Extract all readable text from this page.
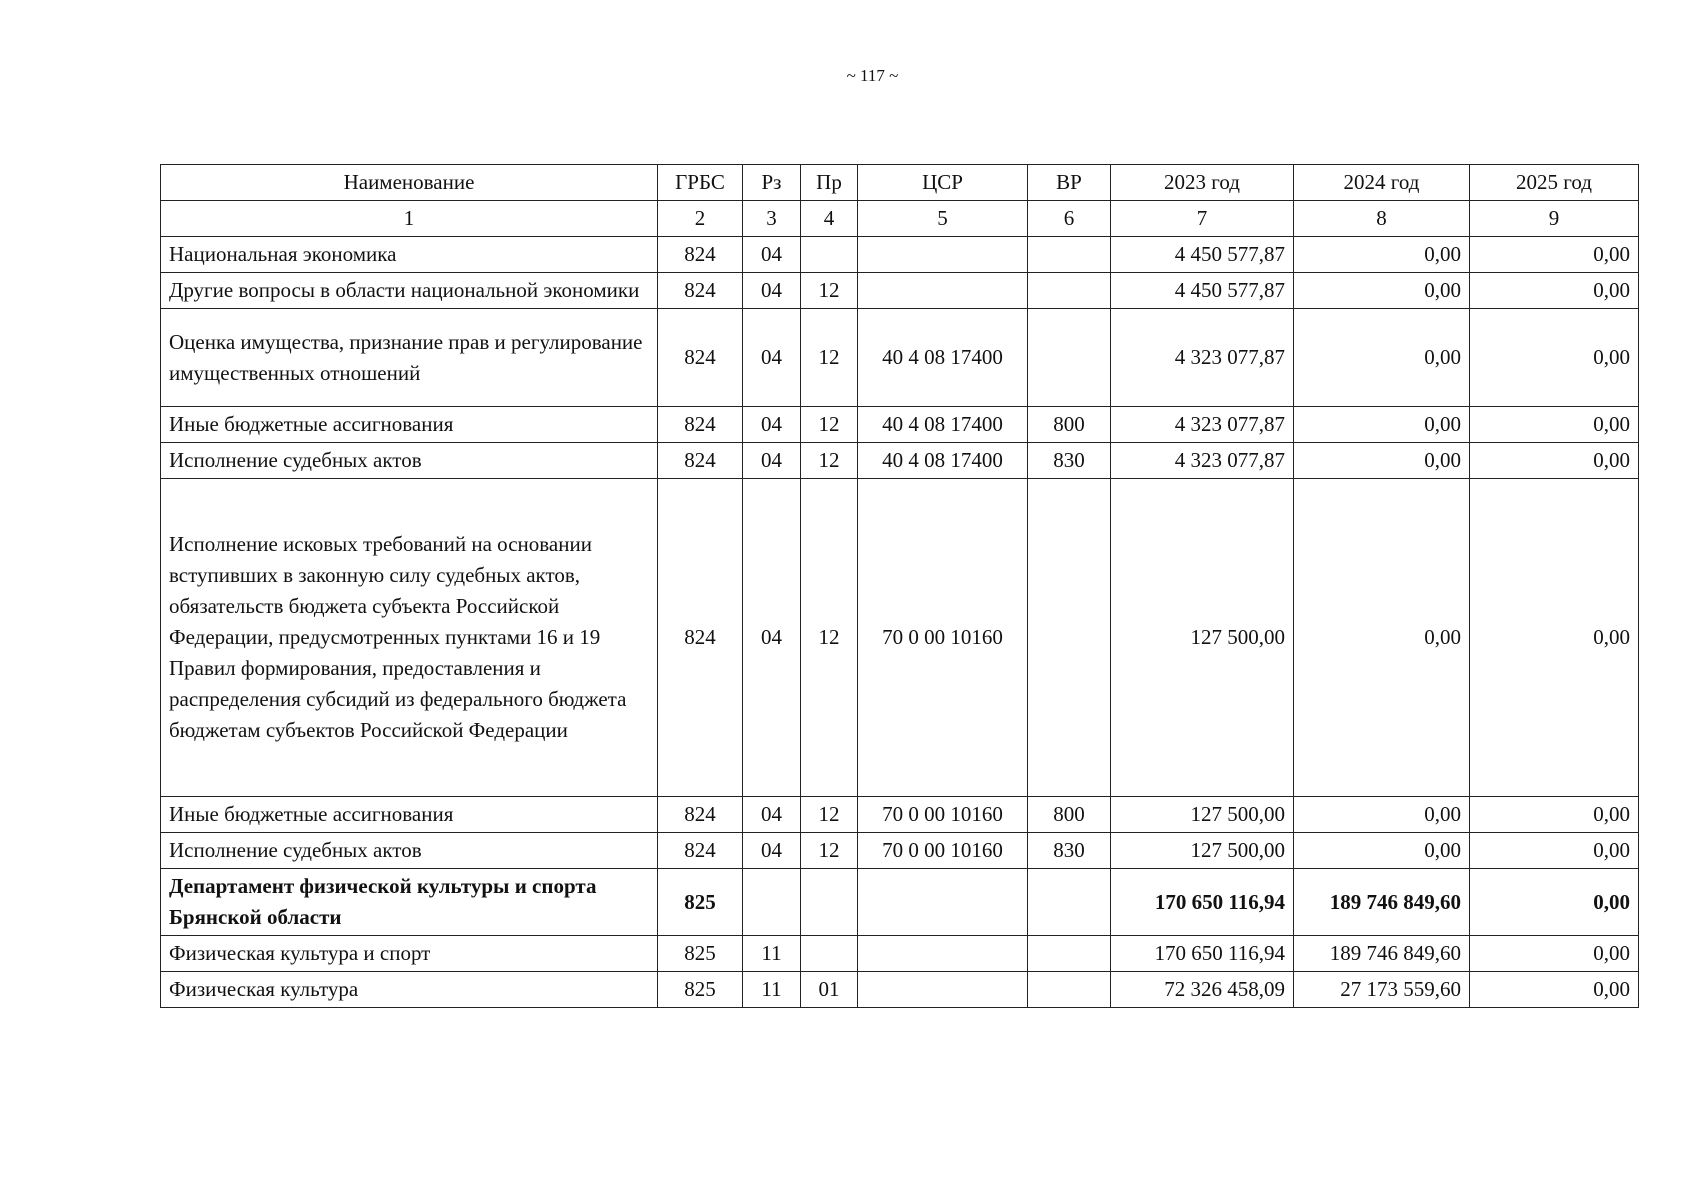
~ 117 ~
Наименование	ГРБС	Рз	Пр	ЦСР	ВР	2023 год	2024 год	2025 год
1	2	3	4	5	6	7	8	9
Национальная экономика	824	04				4 450 577,87	0,00	0,00
Другие вопросы в области национальной экономики	824	04	12			4 450 577,87	0,00	0,00
Оценка имущества, признание прав и регулирование имущественных отношений	824	04	12	40 4 08 17400		4 323 077,87	0,00	0,00
Иные бюджетные ассигнования	824	04	12	40 4 08 17400	800	4 323 077,87	0,00	0,00
Исполнение судебных актов	824	04	12	40 4 08 17400	830	4 323 077,87	0,00	0,00
Исполнение исковых требований на основании вступивших в законную силу судебных актов, обязательств бюджета субъекта Российской Федерации, предусмотренных пунктами 16 и 19 Правил формирования, предоставления и распределения субсидий из федерального бюджета бюджетам субъектов Российской Федерации	824	04	12	70 0 00 10160		127 500,00	0,00	0,00
Иные бюджетные ассигнования	824	04	12	70 0 00 10160	800	127 500,00	0,00	0,00
Исполнение судебных актов	824	04	12	70 0 00 10160	830	127 500,00	0,00	0,00
Департамент физической культуры и спорта Брянской области	825					170 650 116,94	189 746 849,60	0,00
Физическая культура и спорт	825	11				170 650 116,94	189 746 849,60	0,00
Физическая культура	825	11	01			72 326 458,09	27 173 559,60	0,00
